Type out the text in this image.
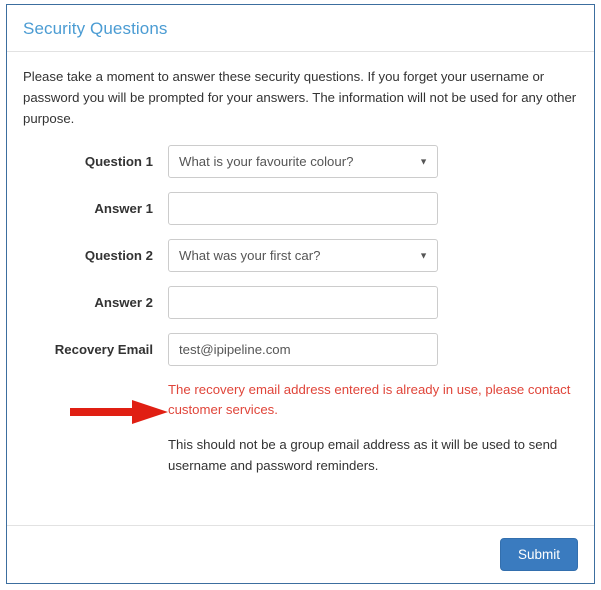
Security Questions

Please take a moment to answer these security questions. If you forget your username or password you will be prompted for your answers. The information will not be used for any other purpose.

Question 1	What is your favourite colour?	▼
Answer 1
Question 2	What was your first car?	▼
Answer 2
Recovery Email	test@ipipeline.com

The recovery email address entered is already in use, please contact customer services.

This should not be a group email address as it will be used to send username and password reminders.

Submit
